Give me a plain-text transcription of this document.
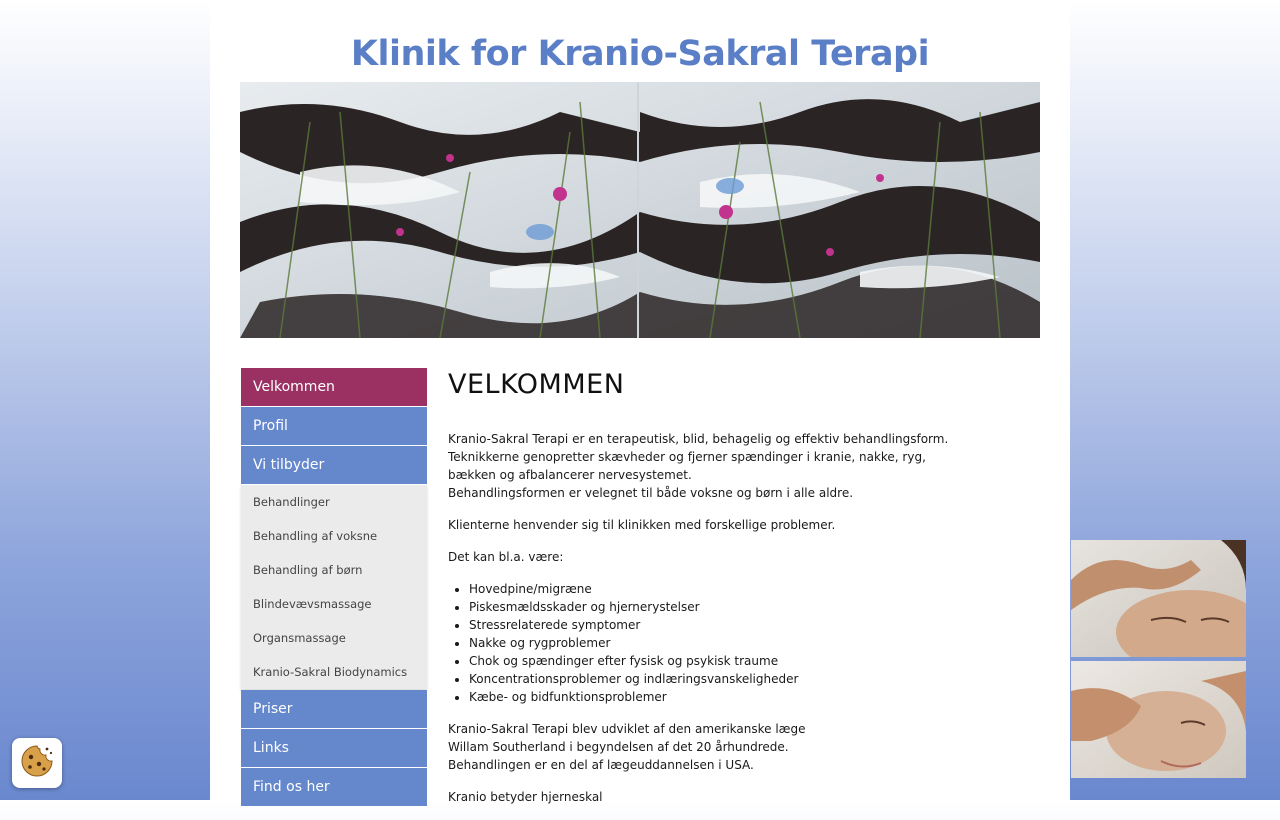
Klinik for Kranio-Sakral Terapi
Velkommen
Profil
Vi tilbyder
Behandlinger
Behandling af voksne
Behandling af børn
Blindevævsmassage
Organsmassage
Kranio-Sakral Biodynamics
Priser
Links
Find os her
VELKOMMEN

Kranio-Sakral Terapi er en terapeutisk, blid, behagelig og effektiv behandlingsform.
Teknikkerne genopretter skævheder og fjerner spændinger i kranie, nakke, ryg, bækken og afbalancerer nervesystemet.
Behandlingsformen er velegnet til både voksne og børn i alle aldre.

Klienterne henvender sig til klinikken med forskellige problemer.

Det kan bl.a. være:

• Hovedpine/migræne
• Piskesmældsskader og hjernerystelser
• Stressrelaterede symptomer
• Nakke og rygproblemer
• Chok og spændinger efter fysisk og psykisk traume
• Koncentrationsproblemer og indlæringsvanskeligheder
• Kæbe- og bidfunktionsproblemer

Kranio-Sakral Terapi blev udviklet af den amerikanske læge
Willam Southerland i begyndelsen af det 20 århundrede.
Behandlingen er en del af lægeuddannelsen i USA.

Kranio betyder hjerneskal
